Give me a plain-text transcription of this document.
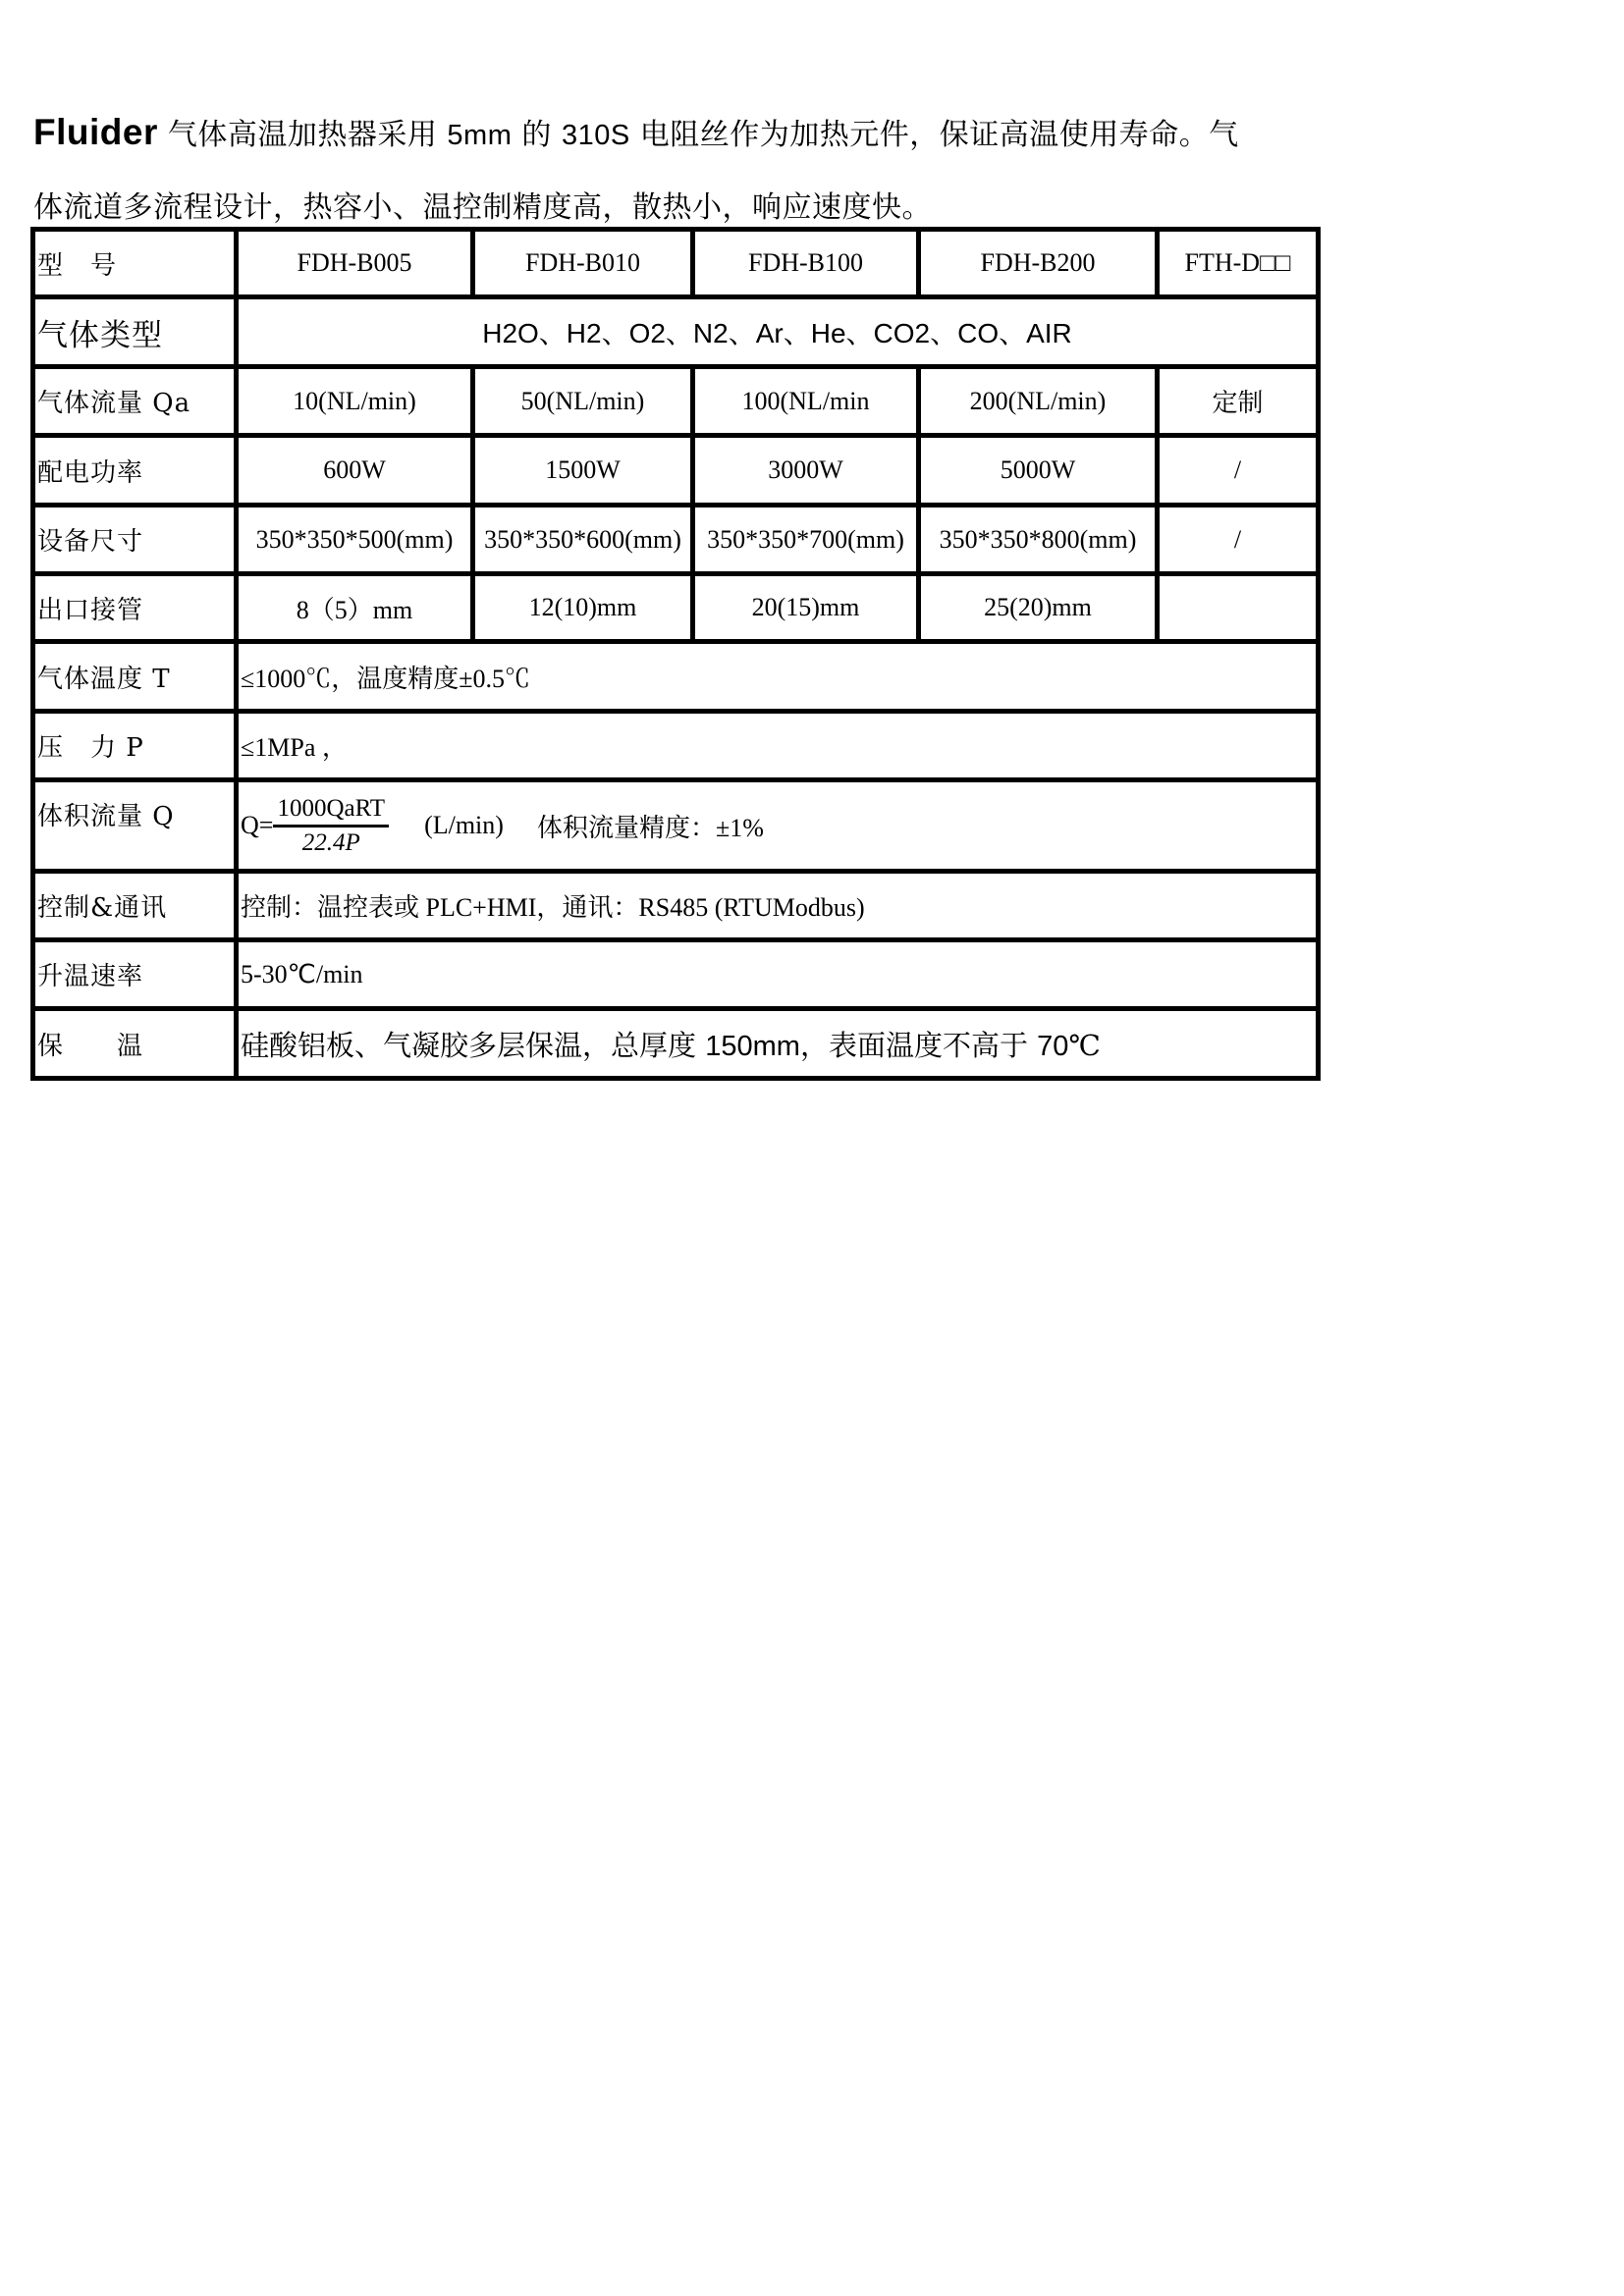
Fluider 气体高温加热器采用 5mm 的 310S 电阻丝作为加热元件，保证高温使用寿命。气
体流道多流程设计，热容小、温控制精度高，散热小，响应速度快。
型　号	FDH-B005	FDH-B010	FDH-B100	FDH-B200	FTH-D□□
气体类型	H2O、H2、O2、N2、Ar、He、CO2、CO、AIR				
气体流量 Qa	10(NL/min)	50(NL/min)	100(NL/min	200(NL/min)	定制
配电功率	600W	1500W	3000W	5000W	/
设备尺寸	350*350*500(mm)	350*350*600(mm)	350*350*700(mm)	350*350*800(mm)	/
出口接管	8（5）mm	12(10)mm	20(15)mm	25(20)mm	
气体温度 T	≤1000℃，温度精度±0.5℃				
压　力 P	≤1MPa ，				
体积流量 Q	$Q= \frac{\text{1000QaRT}}{22.4P} (L/\min)$ 体积流量精度：±1%				

控制&通讯	控制：温控表或 PLC+HMI，通讯：RS485 (RTUModbus)				
升温速率	5-30℃/min				
保　　温	硅酸铝板、气凝胶多层保温，总厚度 150mm，表面温度不高于 70℃				
